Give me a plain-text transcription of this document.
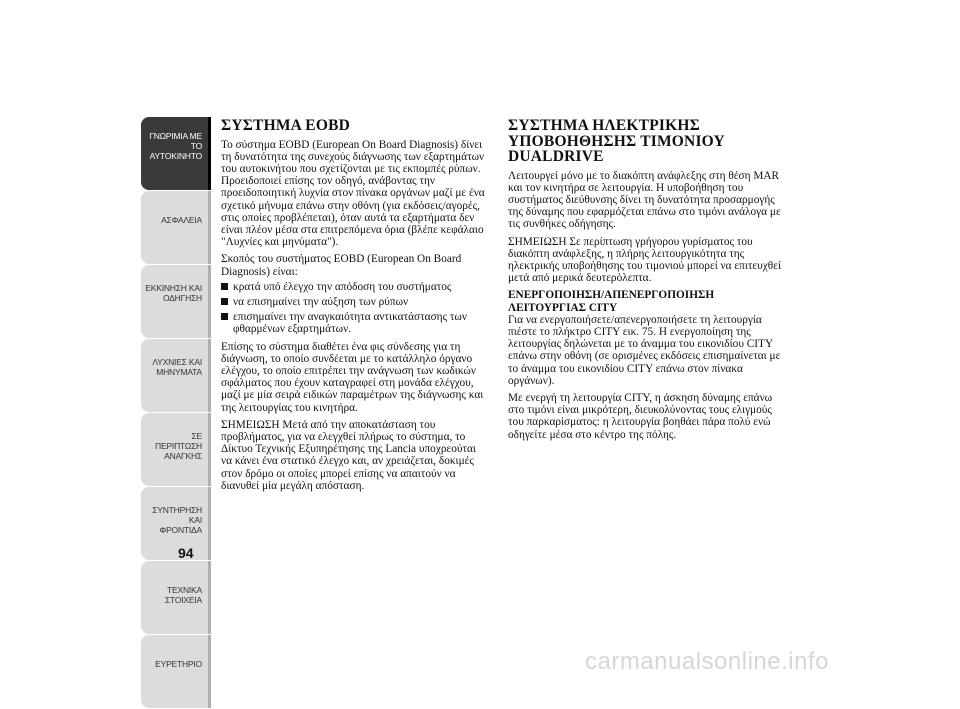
ΓΝΩΡΙΜΙΑ ΜΕ ΤΟ ΑΥΤΟΚΙΝΗΤΟ
ΑΣΦΑΛΕΙΑ
ΕΚΚΙΝΗΣΗ ΚΑΙ ΟΔΗΓΗΣΗ
ΛΥΧΝΙΕΣ ΚΑΙ ΜΗΝΥΜΑΤΑ
ΣΕ ΠΕΡΙΠΤΩΣΗ ΑΝΑΓΚΗΣ
ΣΥΝΤΗΡΗΣΗ ΚΑΙ ΦΡΟΝΤΙΔΑ
ΤΕΧΝΙΚΑ ΣΤΟΙΧΕΙΑ
ΕΥΡΕΤΗΡΙΟ
94
ΣΥΣΤΗΜΑ EOBD

Το σύστημα EOBD (European On Board Diagnosis) δίνει τη δυνατότητα της συνεχούς διάγνωσης των εξαρτημάτων του αυτοκινήτου που σχετίζονται με τις εκπομπές ρύπων. Προειδοποιεί επίσης τον οδηγό, ανάβοντας την προειδοποιητική λυχνία στον πίνακα οργάνων μαζί με ένα σχετικό μήνυμα επάνω στην οθόνη (για εκδόσεις/αγορές, στις οποίες προβλέπεται), όταν αυτά τα εξαρτήματα δεν είναι πλέον μέσα στα επιτρεπόμενα όρια (βλέπε κεφάλαιο "Λυχνίες και μηνύματα").

Σκοπός του συστήματος EOBD (European On Board Diagnosis) είναι:

κρατά υπό έλεγχο την απόδοση του συστήματος
να επισημαίνει την αύξηση των ρύπων
επισημαίνει την αναγκαιότητα αντικατάστασης των φθαρμένων εξαρτημάτων.

Επίσης το σύστημα διαθέτει ένα φις σύνδεσης για τη διάγνωση, το οποίο συνδέεται με το κατάλληλο όργανο ελέγχου, το οποίο επιτρέπει την ανάγνωση των κωδικών σφάλματος που έχουν καταγραφεί στη μονάδα ελέγχου, μαζί με μία σειρά ειδικών παραμέτρων της διάγνωσης και της λειτουργίας του κινητήρα.

ΣΗΜΕΙΩΣΗ Μετά από την αποκατάσταση του προβλήματος, για να ελεγχθεί πλήρως το σύστημα, το Δίκτυο Τεχνικής Εξυπηρέτησης της Lancia υποχρεούται να κάνει ένα στατικό έλεγχο και, αν χρειάζεται, δοκιμές στον δρόμο οι οποίες μπορεί επίσης να απαιτούν να διανυθεί μία μεγάλη απόσταση.

ΣΥΣΤΗΜΑ ΗΛΕΚΤΡΙΚΗΣ ΥΠΟΒΟΗΘΗΣΗΣ ΤΙΜΟΝΙΟΥ DUALDRIVE

Λειτουργεί μόνο με το διακόπτη ανάφλεξης στη θέση MAR και τον κινητήρα σε λειτουργία. Η υποβοήθηση του συστήματος διεύθυνσης δίνει τη δυνατότητα προσαρμογής της δύναμης που εφαρμόζεται επάνω στο τιμόνι ανάλογα με τις συνθήκες οδήγησης.

ΣΗΜΕΙΩΣΗ Σε περίπτωση γρήγορου γυρίσματος του διακόπτη ανάφλεξης, η πλήρης λειτουργικότητα της ηλεκτρικής υποβοήθησης του τιμονιού μπορεί να επιτευχθεί μετά από μερικά δευτερόλεπτα.

ΕΝΕΡΓΟΠΟΙΗΣΗ/ΑΠΕΝΕΡΓΟΠΟΙΗΣΗ ΛΕΙΤΟΥΡΓΙΑΣ CITY

Για να ενεργοποιήσετε/απενεργοποιήσετε τη λειτουργία πιέστε το πλήκτρο CITY εικ. 75. Η ενεργοποίηση της λειτουργίας δηλώνεται με το άναμμα του εικονιδίου CITY επάνω στην οθόνη (σε ορισμένες εκδόσεις επισημαίνεται με το άναμμα του εικονιδίου CITY επάνω στον πίνακα οργάνων).

Με ενεργή τη λειτουργία CITY, η άσκηση δύναμης επάνω στο τιμόνι είναι μικρότερη, διευκολύνοντας τους ελιγμούς του παρκαρίσματος: η λειτουργία βοηθάει πάρα πολύ ενώ οδηγείτε μέσα στο κέντρο της πόλης.

carmanualsonline.info
